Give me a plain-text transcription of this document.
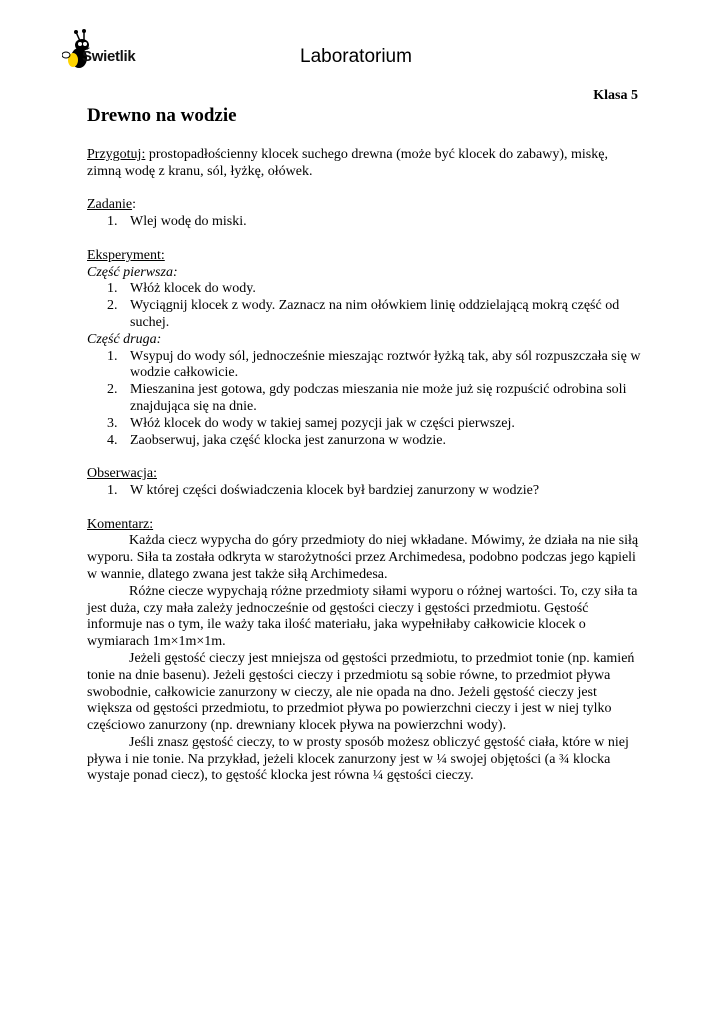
Świetlik	Laboratorium
Klasa 5
Drewno na wodzie

Przygotuj: prostopadłościenny klocek suchego drewna (może być klocek do zabawy), miskę, zimną wodę z kranu, sól, łyżkę, ołówek.

Zadanie:

1. Wlej wodę do miski.

Eksperyment:

Część pierwsza:

1. Włóż klocek do wody.
2. Wyciągnij klocek z wody. Zaznacz na nim ołówkiem linię oddzielającą mokrą część od suchej.

Część druga:

1. Wsypuj do wody sól, jednocześnie mieszając roztwór łyżką tak, aby sól rozpuszczała się w wodzie całkowicie.
2. Mieszanina jest gotowa, gdy podczas mieszania nie może już się rozpuścić odrobina soli znajdująca się na dnie.
3. Włóż klocek do wody w takiej samej pozycji jak w części pierwszej.
4. Zaobserwuj, jaka część klocka jest zanurzona w wodzie.

Obserwacja:

1. W której części doświadczenia klocek był bardziej zanurzony w wodzie?

Komentarz:

Każda ciecz wypycha do góry przedmioty do niej wkładane. Mówimy, że działa na nie siłą wyporu. Siła ta została odkryta w starożytności przez Archimedesa, podobno podczas jego kąpieli w wannie, dlatego zwana jest także siłą Archimedesa.

Różne ciecze wypychają różne przedmioty siłami wyporu o różnej wartości. To, czy siła ta jest duża, czy mała zależy jednocześnie od gęstości cieczy i gęstości przedmiotu. Gęstość informuje nas o tym, ile waży taka ilość materiału, jaka wypełniłaby całkowicie klocek o wymiarach 1m×1m×1m.

Jeżeli gęstość cieczy jest mniejsza od gęstości przedmiotu, to przedmiot tonie (np. kamień tonie na dnie basenu). Jeżeli gęstości cieczy i przedmiotu są sobie równe, to przedmiot pływa swobodnie, całkowicie zanurzony w cieczy, ale nie opada na dno. Jeżeli gęstość cieczy jest większa od gęstości przedmiotu, to przedmiot pływa po powierzchni cieczy i jest w niej tylko częściowo zanurzony (np. drewniany klocek pływa na powierzchni wody).

Jeśli znasz gęstość cieczy, to w prosty sposób możesz obliczyć gęstość ciała, które w niej pływa i nie tonie. Na przykład, jeżeli klocek zanurzony jest w ¼ swojej objętości (a ¾ klocka wystaje ponad ciecz), to gęstość klocka jest równa ¼ gęstości cieczy.
